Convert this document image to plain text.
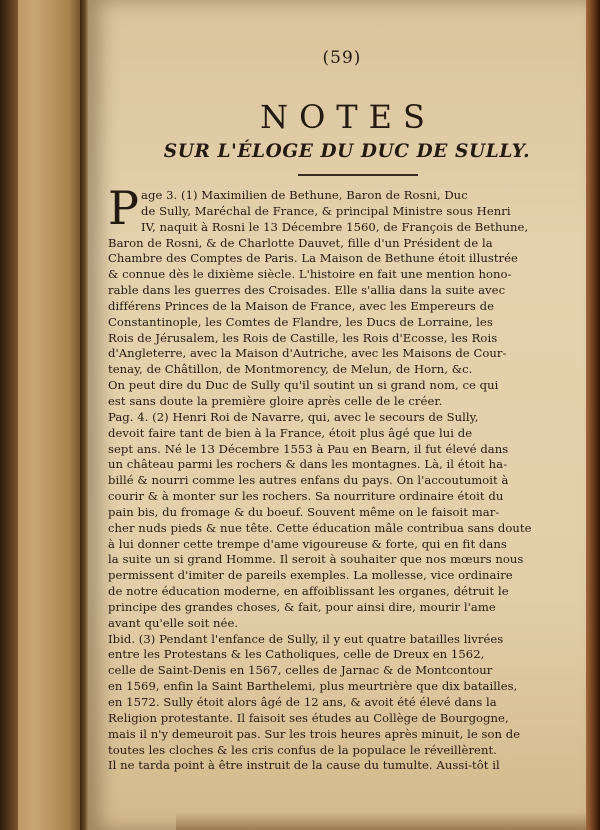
(59)
NOTES
SUR L'ÉLOGE DU DUC DE SULLY.
P age 3. (1) Maximilien de Bethune, Baron de Rosni, Duc
de Sully, Maréchal de France, & principal Ministre sous Henri
IV, naquit à Rosni le 13 Décembre 1560, de François de Bethune,
Baron de Rosni, & de Charlotte Dauvet, fille d'un Président de la
Chambre des Comptes de Paris. La Maison de Bethune étoit illustrée
& connue dès le dixième siècle. L'histoire en fait une mention hono-
rable dans les guerres des Croisades. Elle s'allia dans la suite avec
différens Princes de la Maison de France, avec les Empereurs de
Constantinople, les Comtes de Flandre, les Ducs de Lorraine, les
Rois de Jérusalem, les Rois de Castille, les Rois d'Ecosse, les Rois
d'Angleterre, avec la Maison d'Autriche, avec les Maisons de Cour-
tenay, de Châtillon, de Montmorency, de Melun, de Horn, &c.
On peut dire du Duc de Sully qu'il soutint un si grand nom, ce qui
est sans doute la première gloire après celle de le créer.
Pag. 4. (2) Henri Roi de Navarre, qui, avec le secours de Sully,
devoit faire tant de bien à la France, étoit plus âgé que lui de
sept ans. Né le 13 Décembre 1553 à Pau en Bearn, il fut élevé dans
un château parmi les rochers & dans les montagnes. Là, il étoit ha-
billé & nourri comme les autres enfans du pays. On l'accoutumoit à
courir & à monter sur les rochers. Sa nourriture ordinaire étoit du
pain bis, du fromage & du boeuf. Souvent même on le faisoit mar-
cher nuds pieds & nue tête. Cette éducation mâle contribua sans doute
à lui donner cette trempe d'ame vigoureuse & forte, qui en fit dans
la suite un si grand Homme. Il seroit à souhaiter que nos mœurs nous
permissent d'imiter de pareils exemples. La mollesse, vice ordinaire
de notre éducation moderne, en affoiblissant les organes, détruit le
principe des grandes choses, & fait, pour ainsi dire, mourir l'ame
avant qu'elle soit née.
Ibid. (3) Pendant l'enfance de Sully, il y eut quatre batailles livrées
entre les Protestans & les Catholiques, celle de Dreux en 1562,
celle de Saint-Denis en 1567, celles de Jarnac & de Montcontour
en 1569, enfin la Saint Barthelemi, plus meurtrière que dix batailles,
en 1572. Sully étoit alors âgé de 12 ans, & avoit été élevé dans la
Religion protestante. Il faisoit ses études au Collège de Bourgogne,
mais il n'y demeuroit pas. Sur les trois heures après minuit, le son de
toutes les cloches & les cris confus de la populace le réveillèrent.
Il ne tarda point à être instruit de la cause du tumulte. Aussi-tôt il
